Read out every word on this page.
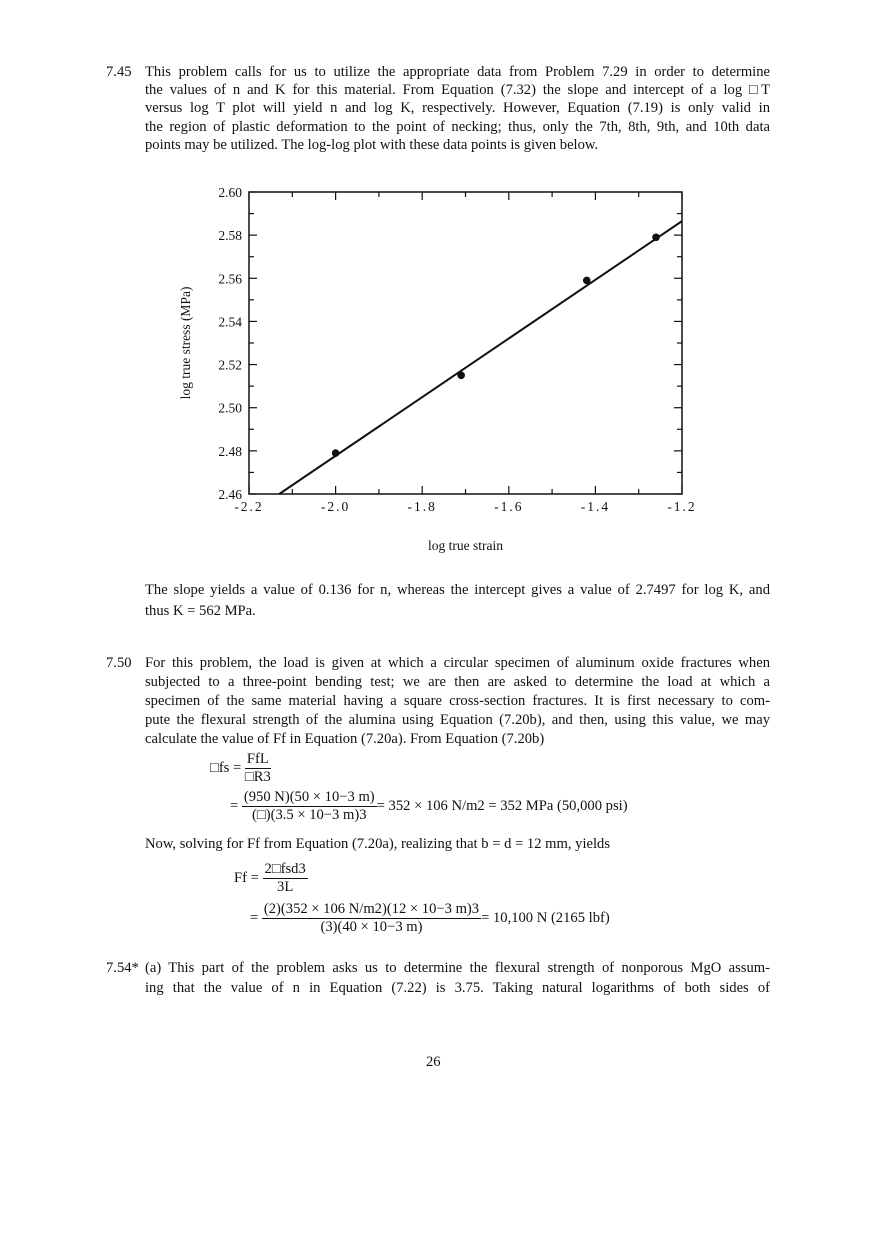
7.45 This problem calls for us to utilize the appropriate data from Problem 7.29 in order to determine
the values of n and K for this material. From Equation (7.32) the slope and intercept of a log □T
versus log T plot will yield n and log K, respectively. However, Equation (7.19) is only valid in
the region of plastic deformation to the point of necking; thus, only the 7th, 8th, 9th, and 10th data
points may be utilized. The log-log plot with these data points is given below.
-2.2	-2.0	-1.8	-1.6	-1.4	-1.2
2.46
2.48
2.50
2.52
2.54
2.56
2.58
2.60
log true strain
log true stress (MPa)
The slope yields a value of 0.136 for n, whereas the intercept gives a value of 2.7497 for log K, and
thus K = 562 MPa.
7.50 For this problem, the load is given at which a circular specimen of aluminum oxide fractures when
subjected to a three-point bending test; we are then are asked to determine the load at which a
specimen of the same material having a square cross-section fractures. It is first necessary to com-
pute the flexural strength of the alumina using Equation (7.20b), and then, using this value, we may
calculate the value of Ff in Equation (7.20a). From Equation (7.20b)
□fs = $\frac{\text{FfL}}{□R3}$
= $\frac{(950 N)(50 \times 10-3 m)}{(□)(3.5 \times 10-3 m)3} = 352 \times 106$ N/m2 = 352 MPa (50,000 psi)
Now, solving for Ff from Equation (7.20a), realizing that b = d = 12 mm, yields
$Ff = \frac{\text{2□fsd3}}{3L}$
= $\frac{(2)(352 \times 106 N/m2)(12 \times 10-3 m)3}{(3)(40 \times 10-3 m)} = 10,100$ N (2165 lbf)
7.54* (a) This part of the problem asks us to determine the flexural strength of nonporous MgO assum-
ing that the value of n in Equation (7.22) is 3.75. Taking natural logarithms of both sides of
26
